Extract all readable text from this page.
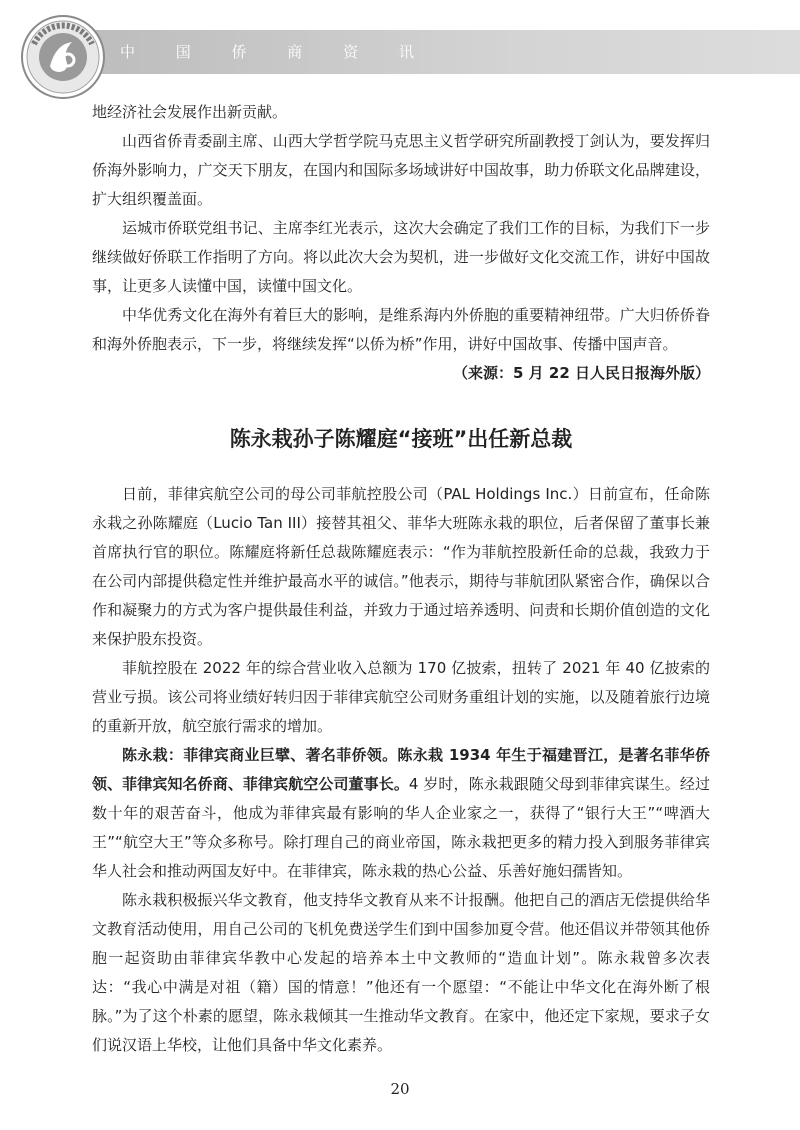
中 国 侨 商 资 讯

地经济社会发展作出新贡献。

山西省侨青委副主席、山西大学哲学院马克思主义哲学研究所副教授丁剑认为，要发挥归侨海外影响力，广交天下朋友，在国内和国际多场域讲好中国故事，助力侨联文化品牌建设，扩大组织覆盖面。

运城市侨联党组书记、主席李红光表示，这次大会确定了我们工作的目标，为我们下一步继续做好侨联工作指明了方向。将以此次大会为契机，进一步做好文化交流工作，讲好中国故事，让更多人读懂中国，读懂中国文化。

中华优秀文化在海外有着巨大的影响，是维系海内外侨胞的重要精神纽带。广大归侨侨眷和海外侨胞表示，下一步，将继续发挥“以侨为桥”作用，讲好中国故事、传播中国声音。

（来源：5 月 22 日人民日报海外版）
陈永栽孙子陈耀庭“接班”出任新总裁

日前，菲律宾航空公司的母公司菲航控股公司（PAL Holdings Inc.）日前宣布，任命陈永栽之孙陈耀庭（Lucio Tan III）接替其祖父、菲华大班陈永栽的职位，后者保留了董事长兼首席执行官的职位。陈耀庭将新任总裁陈耀庭表示：“作为菲航控股新任命的总裁，我致力于在公司内部提供稳定性并维护最高水平的诚信。”他表示，期待与菲航团队紧密合作，确保以合作和凝聚力的方式为客户提供最佳利益，并致力于通过培养透明、问责和长期价值创造的文化来保护股东投资。

菲航控股在 2022 年的综合营业收入总额为 170 亿披索，扭转了 2021 年 40 亿披索的营业亏损。该公司将业绩好转归因于菲律宾航空公司财务重组计划的实施，以及随着旅行边境的重新开放，航空旅行需求的增加。

陈永栽：菲律宾商业巨擘、著名菲侨领。陈永栽 1934 年生于福建晋江，是著名菲华侨领、菲律宾知名侨商、菲律宾航空公司董事长。4 岁时，陈永栽跟随父母到菲律宾谋生。经过数十年的艰苦奋斗，他成为菲律宾最有影响的华人企业家之一，获得了“银行大王”“啤酒大王”“航空大王”等众多称号。除打理自己的商业帝国，陈永栽把更多的精力投入到服务菲律宾华人社会和推动两国友好中。在菲律宾，陈永栽的热心公益、乐善好施妇孺皆知。

陈永栽积极振兴华文教育，他支持华文教育从来不计报酬。他把自己的酒店无偿提供给华文教育活动使用，用自己公司的飞机免费送学生们到中国参加夏令营。他还倡议并带领其他侨胞一起资助由菲律宾华教中心发起的培养本土中文教师的“造血计划”。陈永栽曾多次表达：“我心中满是对祖（籍）国的情意！”他还有一个愿望：“不能让中华文化在海外断了根脉。”为了这个朴素的愿望，陈永栽倾其一生推动华文教育。在家中，他还定下家规，要求子女们说汉语上华校，让他们具备中华文化素养。

20
